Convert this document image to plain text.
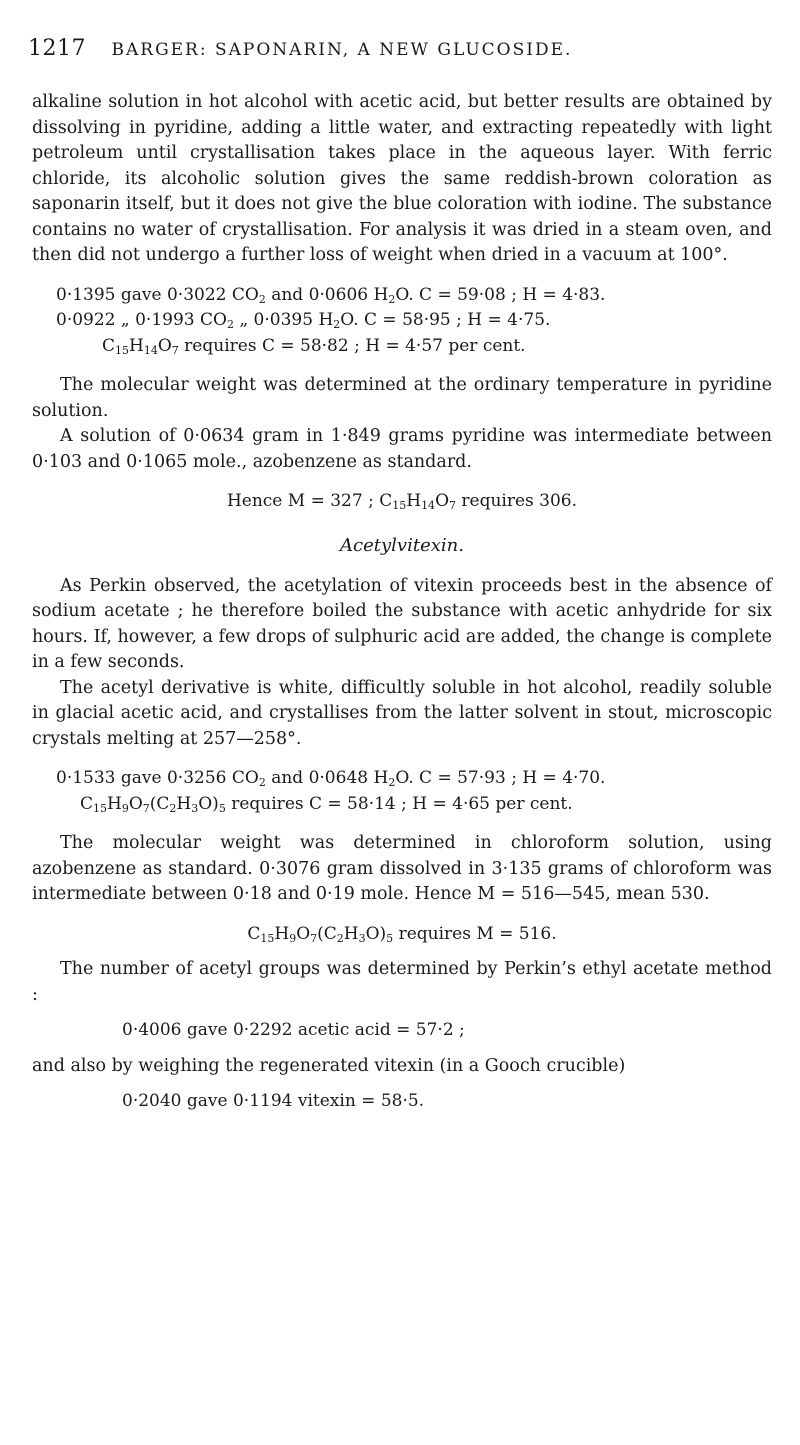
1217 BARGER: SAPONARIN, A NEW GLUCOSIDE.

alkaline solution in hot alcohol with acetic acid, but better results are obtained by dissolving in pyridine, adding a little water, and extracting repeatedly with light petroleum until crystallisation takes place in the aqueous layer. With ferric chloride, its alcoholic solution gives the same reddish-brown coloration as saponarin itself, but it does not give the blue coloration with iodine. The substance contains no water of crystallisation. For analysis it was dried in a steam oven, and then did not undergo a further loss of weight when dried in a vacuum at 100°.

0·1395 gave 0·3022 $CO_2$ and 0·0606 $H_2O$. C = 59·08 ; H = 4·83.
0·0922 „ 0·1993 $CO_2$ „ 0·0395 $H_2O$. C = 58·95 ; H = 4·75.
$C_{15}H_{14}O_7$ requires C = 58·82 ; H = 4·57 per cent.

The molecular weight was determined at the ordinary temperature in pyridine solution.

A solution of 0·0634 gram in 1·849 grams pyridine was intermediate between 0·103 and 0·1065 mole., azobenzene as standard.

Hence M = 327 ; $C_{15}H_{14}O_7$ requires 306.
Acetylvitexin.

As Perkin observed, the acetylation of vitexin proceeds best in the absence of sodium acetate ; he therefore boiled the substance with acetic anhydride for six hours. If, however, a few drops of sulphuric acid are added, the change is complete in a few seconds.

The acetyl derivative is white, difficultly soluble in hot alcohol, readily soluble in glacial acetic acid, and crystallises from the latter solvent in stout, microscopic crystals melting at 257—258°.

0·1533 gave 0·3256 $CO_2$ and 0·0648 $H_2O$. C = 57·93 ; H = 4·70.
$C_{15}H_9O_7(C_2H_3O)_5$ requires C = 58·14 ; H = 4·65 per cent.

The molecular weight was determined in chloroform solution, using azobenzene as standard. 0·3076 gram dissolved in 3·135 grams of chloroform was intermediate between 0·18 and 0·19 mole. Hence M = 516—545, mean 530.

$C_{15}H_9O_7(C_2H_3O)_5$ requires M = 516.

The number of acetyl groups was determined by Perkin’s ethyl acetate method :

0·4006 gave 0·2292 acetic acid = 57·2 ;

and also by weighing the regenerated vitexin (in a Gooch crucible)

0·2040 gave 0·1194 vitexin = 58·5.
